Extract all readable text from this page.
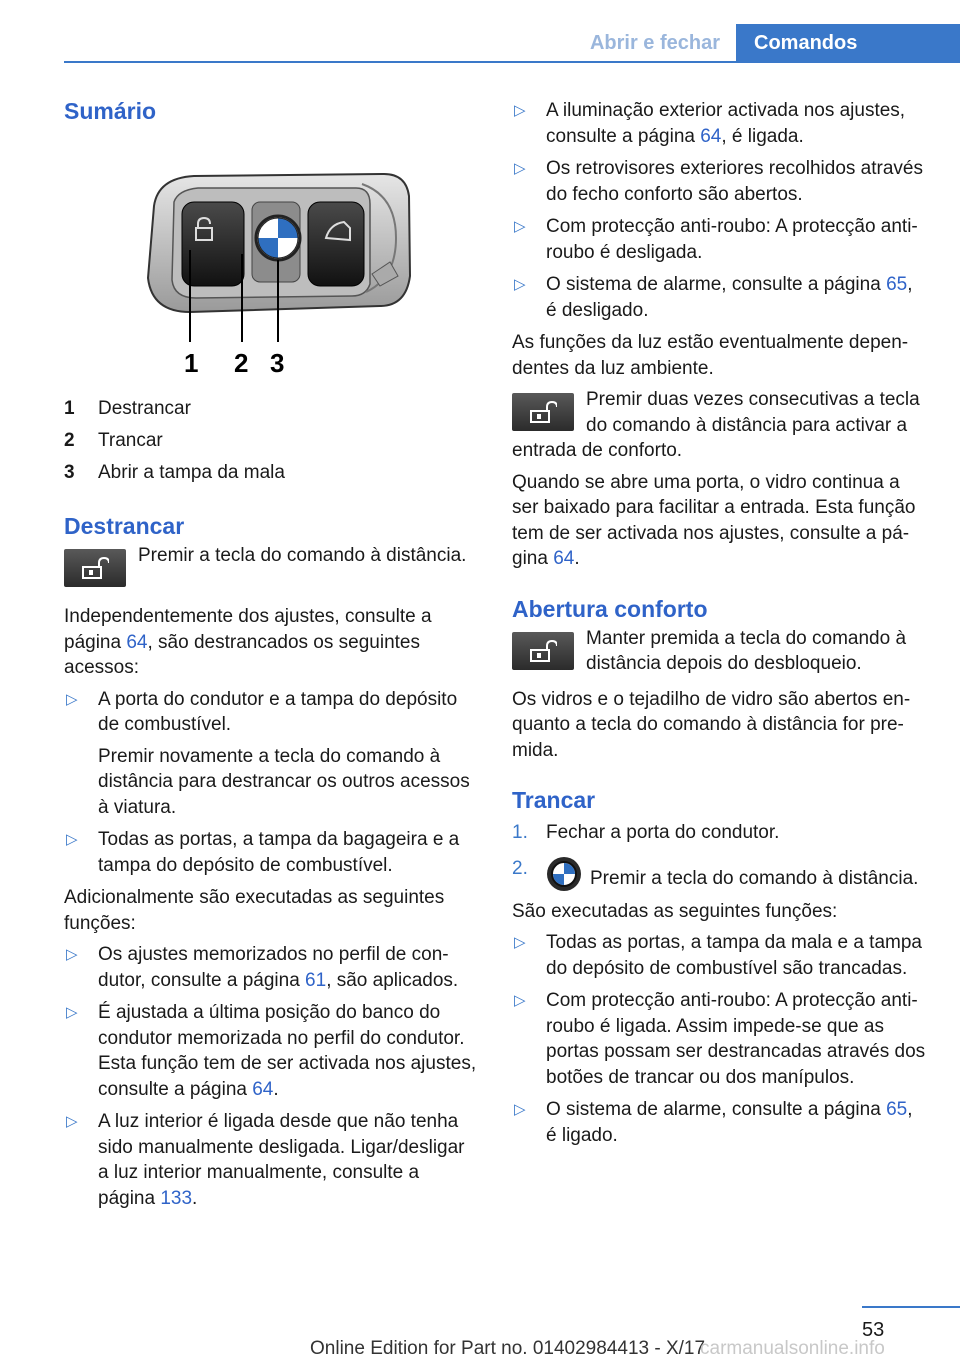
Abrir e fechar	Comandos
Sumário
1 2 3
1	Destrancar
2	Trancar
3	Abrir a tampa da mala
Destrancar

Premir a tecla do comando à distância.

Independentemente dos ajustes, consulte a página 64, são destrancados os seguintes acessos:

▷ A porta do condutor e a tampa do depósito de combustível.

Premir novamente a tecla do comando à distância para destrancar os outros acessos à viatura.

▷ Todas as portas, a tampa da bagageira e a tampa do depósito de combustível.

Adicionalmente são executadas as seguintes funções:

▷ Os ajustes memorizados no perfil de condutor, consulte a página 61, são aplicados.

▷ É ajustada a última posição do banco do condutor memorizada no perfil do condutor. Esta função tem de ser activada nos ajustes, consulte a página 64.

▷ A luz interior é ligada desde que não tenha sido manualmente desligada. Ligar/desligar a luz interior manualmente, consulte a página 133.

▷ A iluminação exterior activada nos ajustes, consulte a página 64, é ligada.

▷ Os retrovisores exteriores recolhidos através do fecho conforto são abertos.

▷ Com protecção anti-roubo: A protecção anti-roubo é desligada.

▷ O sistema de alarme, consulte a página 65, é desligado.

As funções da luz estão eventualmente dependentes da luz ambiente.

Premir duas vezes consecutivas a tecla do comando à distância para activar a entrada de conforto.

Quando se abre uma porta, o vidro continua a ser baixado para facilitar a entrada. Esta função tem de ser activada nos ajustes, consulte a página 64.

Abertura conforto

Manter premida a tecla do comando à distância depois do desbloqueio.

Os vidros e o tejadilho de vidro são abertos enquanto a tecla do comando à distância for premida.

Trancar
1. Fechar a porta do condutor.

2.	Premir a tecla do comando à distância.

São executadas as seguintes funções:

▷ Todas as portas, a tampa da mala e a tampa do depósito de combustível são trancadas.

▷ Com protecção anti-roubo: A protecção anti-roubo é ligada. Assim impede-se que as portas possam ser destrancadas através dos botões de trancar ou dos manípulos.

▷ O sistema de alarme, consulte a página 65, é ligado.

53
Online Edition for Part no. 01402984413 - X/17
carmanualsonline.info
